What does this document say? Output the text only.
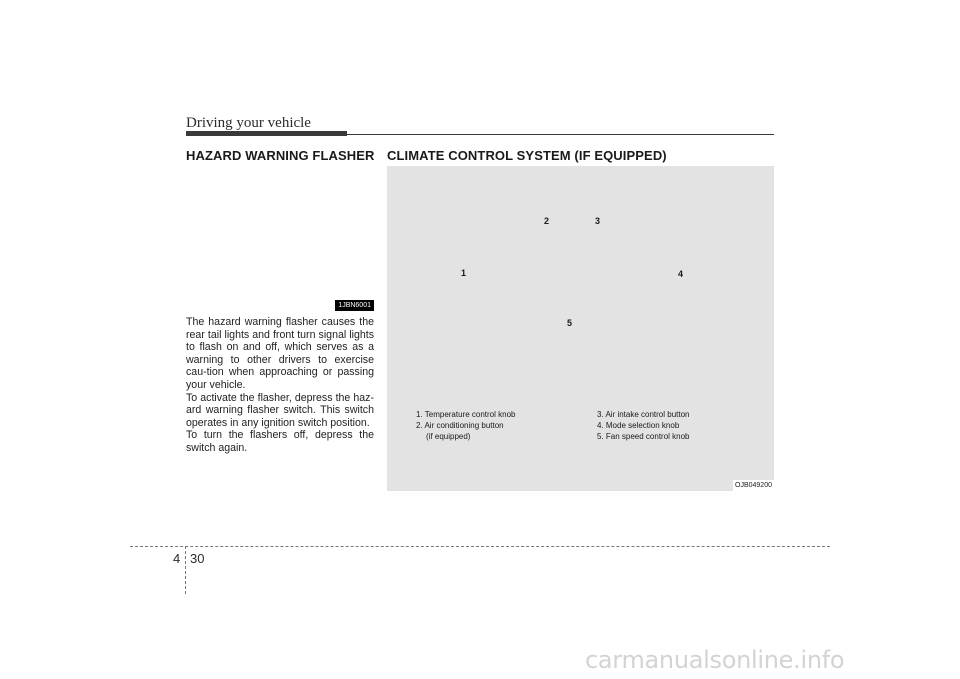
Driving your vehicle
HAZARD WARNING FLASHER
1JBN6001

The hazard warning flasher causes the rear tail lights and front turn signal lights to flash on and off, which serves as a warning to other drivers to exercise cau-tion when approaching or passing your vehicle.

To activate the flasher, depress the haz-ard warning flasher switch. This switch operates in any ignition switch position.

To turn the flashers off, depress the switch again.

CLIMATE CONTROL SYSTEM (IF EQUIPPED)
2	3
1	4
5
1. Temperature control knob
2. Air conditioning button
(if equipped)
3. Air intake control button
4. Mode selection knob
5. Fan speed control knob
OJB049200
4 30
carmanualsonline.info
